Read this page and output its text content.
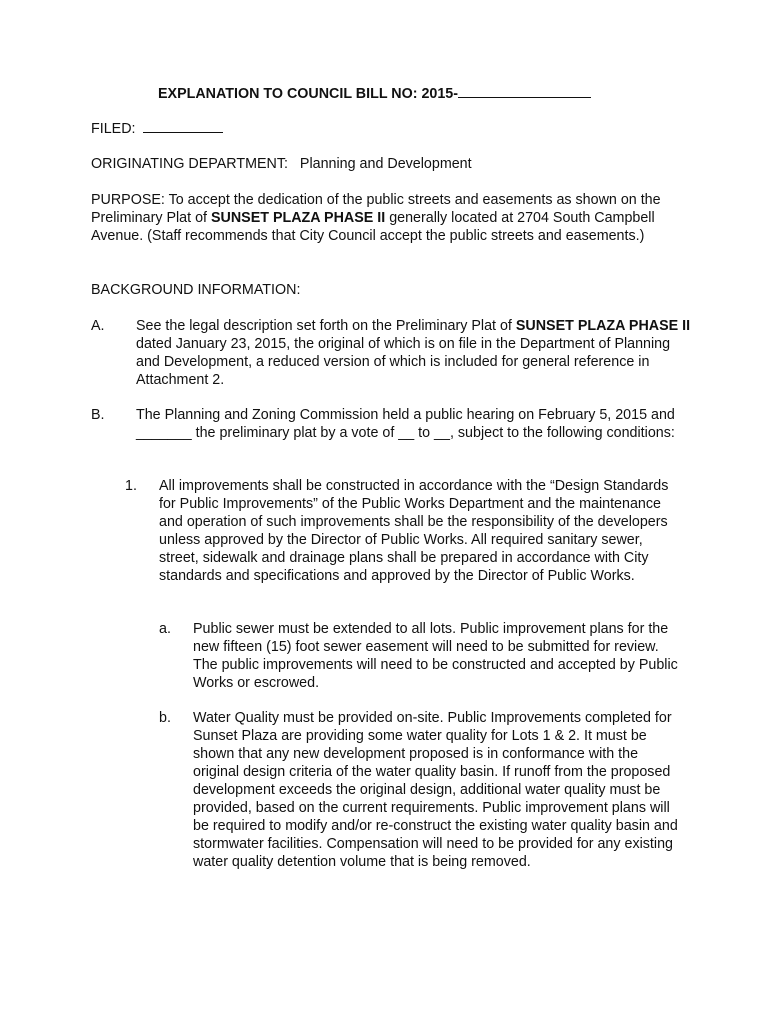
EXPLANATION TO COUNCIL BILL NO: 2015-
FILED:
ORIGINATING DEPARTMENT: Planning and Development
PURPOSE: To accept the dedication of the public streets and easements as shown on the Preliminary Plat of SUNSET PLAZA PHASE II generally located at 2704 South Campbell Avenue. (Staff recommends that City Council accept the public streets and easements.)
BACKGROUND INFORMATION:
A. See the legal description set forth on the Preliminary Plat of SUNSET PLAZA PHASE II dated January 23, 2015, the original of which is on file in the Department of Planning and Development, a reduced version of which is included for general reference in Attachment 2.
B. The Planning and Zoning Commission held a public hearing on February 5, 2015 and _______ the preliminary plat by a vote of __ to __, subject to the following conditions:
1. All improvements shall be constructed in accordance with the “Design Standards for Public Improvements” of the Public Works Department and the maintenance and operation of such improvements shall be the responsibility of the developers unless approved by the Director of Public Works. All required sanitary sewer, street, sidewalk and drainage plans shall be prepared in accordance with City standards and specifications and approved by the Director of Public Works.
a. Public sewer must be extended to all lots. Public improvement plans for the new fifteen (15) foot sewer easement will need to be submitted for review. The public improvements will need to be constructed and accepted by Public Works or escrowed.
b. Water Quality must be provided on-site. Public Improvements completed for Sunset Plaza are providing some water quality for Lots 1 & 2. It must be shown that any new development proposed is in conformance with the original design criteria of the water quality basin. If runoff from the proposed development exceeds the original design, additional water quality must be provided, based on the current requirements. Public improvement plans will be required to modify and/or re-construct the existing water quality basin and stormwater facilities. Compensation will need to be provided for any existing water quality detention volume that is being removed.
